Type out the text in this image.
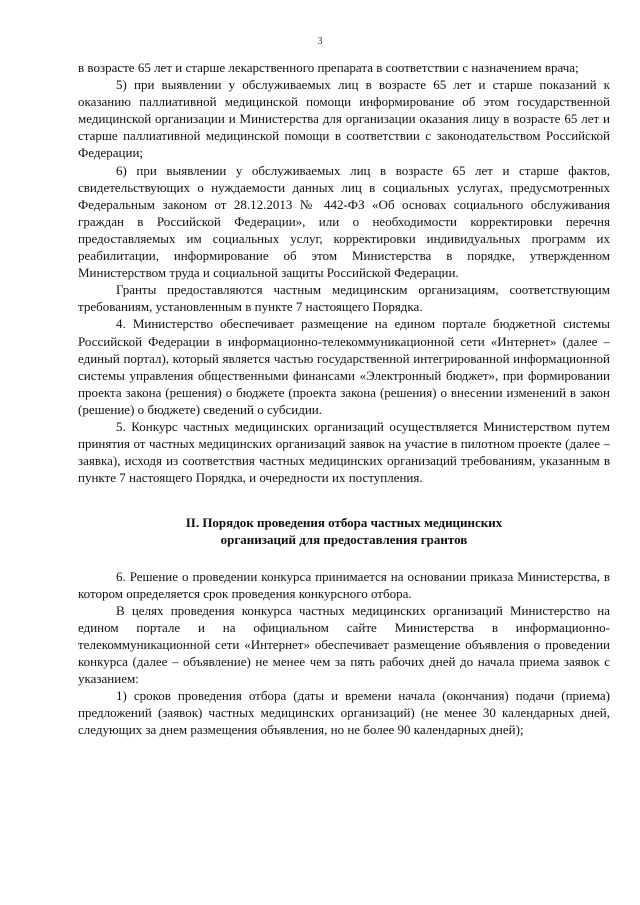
3

в возрасте 65 лет и старше лекарственного препарата в соответствии с назначением врача;

5) при выявлении у обслуживаемых лиц в возрасте 65 лет и старше показаний к оказанию паллиативной медицинской помощи информирование об этом государственной медицинской организации и Министерства для организации оказания лицу в возрасте 65 лет и старше паллиативной медицинской помощи в соответствии с законодательством Российской Федерации;

6) при выявлении у обслуживаемых лиц в возрасте 65 лет и старше фактов, свидетельствующих о нуждаемости данных лиц в социальных услугах, предусмотренных Федеральным законом от 28.12.2013 № 442-ФЗ «Об основах социального обслуживания граждан в Российской Федерации», или о необходимости корректировки перечня предоставляемых им социальных услуг, корректировки индивидуальных программ их реабилитации, информирование об этом Министерства в порядке, утвержденном Министерством труда и социальной защиты Российской Федерации.

Гранты предоставляются частным медицинским организациям, соответствующим требованиям, установленным в пункте 7 настоящего Порядка.

4. Министерство обеспечивает размещение на едином портале бюджетной системы Российской Федерации в информационно-телекоммуникационной сети «Интернет» (далее – единый портал), который является частью государственной интегрированной информационной системы управления общественными финансами «Электронный бюджет», при формировании проекта закона (решения) о бюджете (проекта закона (решения) о внесении изменений в закон (решение) о бюджете) сведений о субсидии.

5. Конкурс частных медицинских организаций осуществляется Министерством путем принятия от частных медицинских организаций заявок на участие в пилотном проекте (далее – заявка), исходя из соответствия частных медицинских организаций требованиям, указанным в пункте 7 настоящего Порядка, и очередности их поступления.

II. Порядок проведения отбора частных медицинских
организаций для предоставления грантов

6. Решение о проведении конкурса принимается на основании приказа Министерства, в котором определяется срок проведения конкурсного отбора.

В целях проведения конкурса частных медицинских организаций Министерство на едином портале и на официальном сайте Министерства в информационно-телекоммуникационной сети «Интернет» обеспечивает размещение объявления о проведении конкурса (далее – объявление) не менее чем за пять рабочих дней до начала приема заявок с указанием:

1) сроков проведения отбора (даты и времени начала (окончания) подачи (приема) предложений (заявок) частных медицинских организаций) (не менее 30 календарных дней, следующих за днем размещения объявления, но не более 90 календарных дней);
